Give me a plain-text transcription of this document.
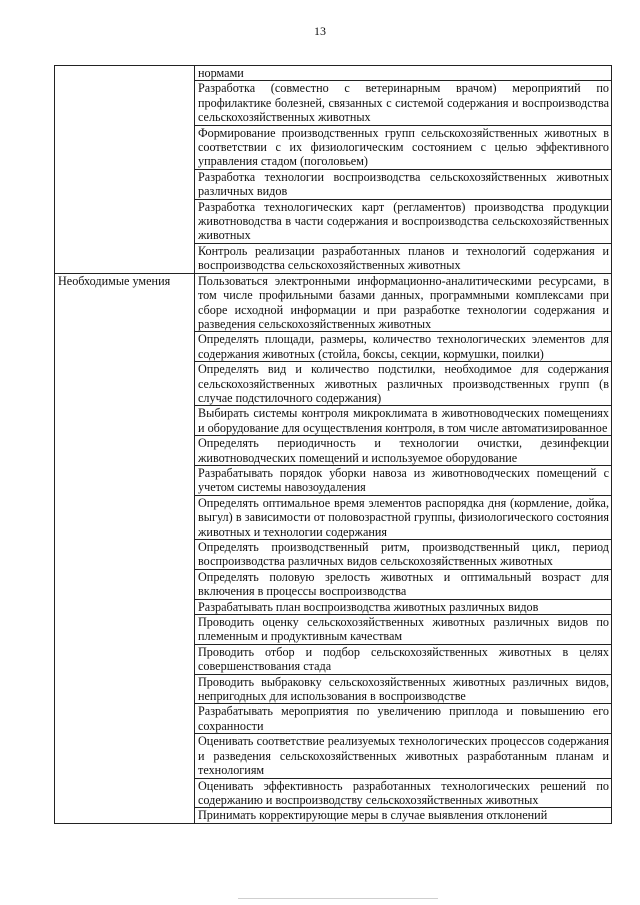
13
	нормами
	Разработка (совместно с ветеринарным врачом) мероприятий по профилактике болезней, связанных с системой содержания и воспроизводства сельскохозяйственных животных
	Формирование производственных групп сельскохозяйственных животных в соответствии с их физиологическим состоянием с целью эффективного управления стадом (поголовьем)
	Разработка технологии воспроизводства сельскохозяйственных животных различных видов
	Разработка технологических карт (регламентов) производства продукции животноводства в части содержания и воспроизводства сельскохозяйственных животных
	Контроль реализации разработанных планов и технологий содержания и воспроизводства сельскохозяйственных животных
Необходимые умения	Пользоваться электронными информационно-аналитическими ресурсами, в том числе профильными базами данных, программными комплексами при сборе исходной информации и при разработке технологии содержания и разведения сельскохозяйственных животных
	Определять площади, размеры, количество технологических элементов для содержания животных (стойла, боксы, секции, кормушки, поилки)
	Определять вид и количество подстилки, необходимое для содержания сельскохозяйственных животных различных производственных групп (в случае подстилочного содержания)
	Выбирать системы контроля микроклимата в животноводческих помещениях и оборудование для осуществления контроля, в том числе автоматизированное
	Определять периодичность и технологии очистки, дезинфекции животноводческих помещений и используемое оборудование
	Разрабатывать порядок уборки навоза из животноводческих помещений с учетом системы навозоудаления
	Определять оптимальное время элементов распорядка дня (кормление, дойка, выгул) в зависимости от половозрастной группы, физиологического состояния животных и технологии содержания
	Определять производственный ритм, производственный цикл, период воспроизводства различных видов сельскохозяйственных животных
	Определять половую зрелость животных и оптимальный возраст для включения в процессы воспроизводства
	Разрабатывать план воспроизводства животных различных видов
	Проводить оценку сельскохозяйственных животных различных видов по племенным и продуктивным качествам
	Проводить отбор и подбор сельскохозяйственных животных в целях совершенствования стада
	Проводить выбраковку сельскохозяйственных животных различных видов, непригодных для использования в воспроизводстве
	Разрабатывать мероприятия по увеличению приплода и повышению его сохранности
	Оценивать соответствие реализуемых технологических процессов содержания и разведения сельскохозяйственных животных разработанным планам и технологиям
	Оценивать эффективность разработанных технологических решений по содержанию и воспроизводству сельскохозяйственных животных
	Принимать корректирующие меры в случае выявления отклонений
